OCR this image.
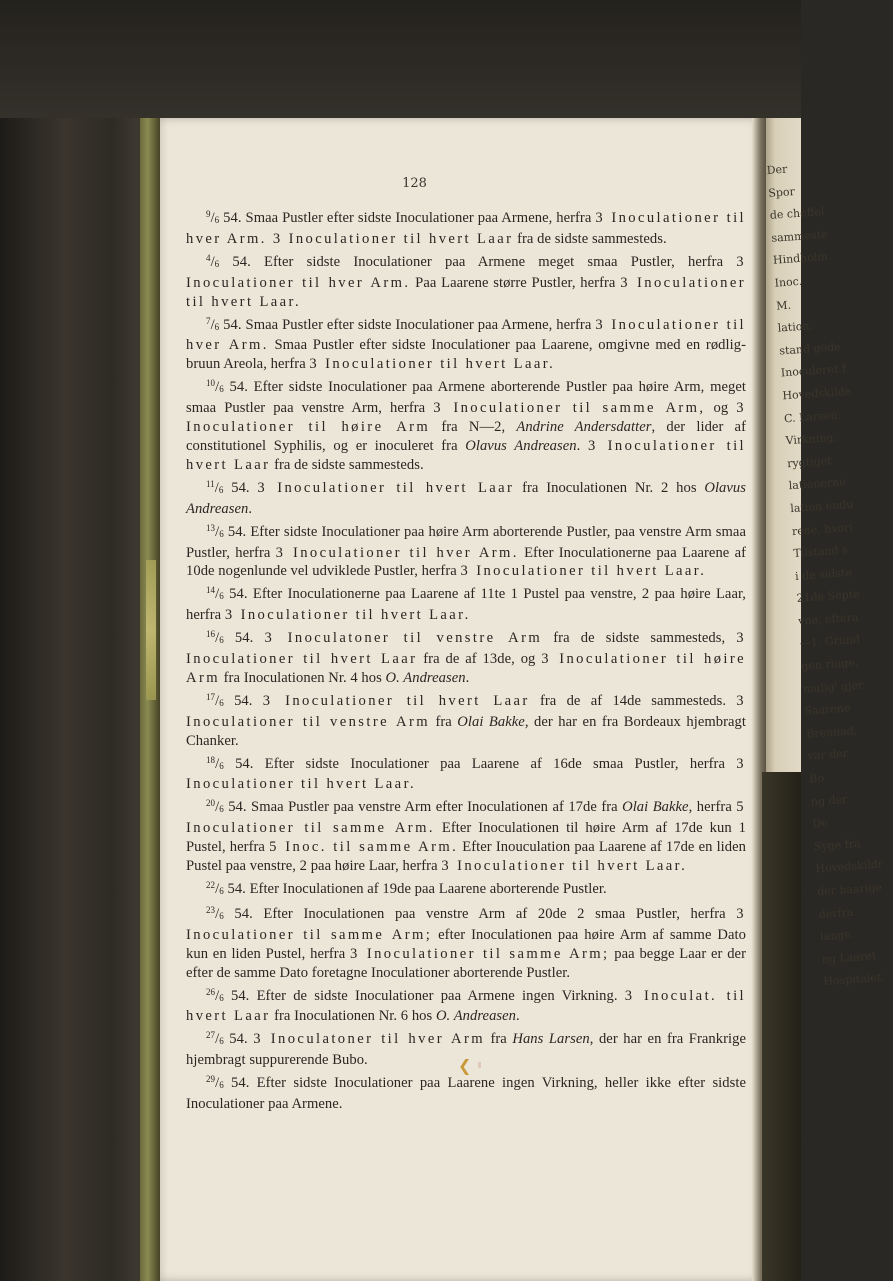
Der
Spor
de cheffel
sammeste
Hindholm
Inoc.
M.
lation,
stand gode
Inoculeret f
Hovedskilde
C. Larsen
Virkning.
rygtiget
lationerne
lation endu
rene, hvori
Tilstand s
i de sidste
21de Septe
vne, eftera
—1. Grund
gen ringe,
mulig' gjer
Saarene
Brennad,
var der
Bo
ng der
De
Syge fra
Hovedskildr
der haarige
derfra
lange.
ng Laaret
Hospitalet.
128

$^9/_6$ 54. Smaa Pustler efter sidste Inoculationer paa Armene, herfra 3 Inoculationer til hver Arm. 3 Inoculationer til hvert Laar fra de sidste sammesteds.

$^4/_6$ 54. Efter sidste Inoculationer paa Armene meget smaa Pustler, herfra 3 Inoculationer til hver Arm. Paa Laarene større Pustler, herfra 3 Inoculationer til hvert Laar.

$^7/_6$ 54. Smaa Pustler efter sidste Inoculationer paa Armene, herfra 3 Inoculationer til hver Arm. Smaa Pustler efter sidste Inoculationer paa Laarene, omgivne med en rødlig-bruun Areola, herfra 3 Inoculationer til hvert Laar.

$^{10}/_6$ 54. Efter sidste Inoculationer paa Armene aborterende Pustler paa høire Arm, meget smaa Pustler paa venstre Arm, herfra 3 Inoculationer til samme Arm, og 3 Inoculationer til høire Arm fra N—2, Andrine Andersdatter, der lider af constitutionel Syphilis, og er inoculeret fra Olavus Andreasen. 3 Inoculationer til hvert Laar fra de sidste sammesteds.

$^{11}/_6$ 54. 3 Inoculationer til hvert Laar fra Inoculationen Nr. 2 hos Olavus Andreasen.

$^{13}/_6$ 54. Efter sidste Inoculationer paa høire Arm aborterende Pustler, paa venstre Arm smaa Pustler, herfra 3 Inoculationer til hver Arm. Efter Inoculationerne paa Laarene af 10de nogenlunde vel udviklede Pustler, herfra 3 Inoculationer til hvert Laar.

$^{14}/_6$ 54. Efter Inoculationerne paa Laarene af 11te 1 Pustel paa venstre, 2 paa høire Laar, herfra 3 Inoculationer til hvert Laar.

$^{16}/_6$ 54. 3 Inoculatoner til venstre Arm fra de sidste sammesteds, 3 Inoculationer til hvert Laar fra de af 13de, og 3 Inoculationer til høire Arm fra Inoculationen Nr. 4 hos O. Andreasen.

$^{17}/_6$ 54. 3 Inoculationer til hvert Laar fra de af 14de sammesteds. 3 Inoculationer til venstre Arm fra Olai Bakke, der har en fra Bordeaux hjembragt Chanker.

$^{18}/_6$ 54. Efter sidste Inoculationer paa Laarene af 16de smaa Pustler, herfra 3 Inoculationer til hvert Laar.

$^{20}/_6$ 54. Smaa Pustler paa venstre Arm efter Inoculationen af 17de fra Olai Bakke, herfra 5 Inoculationer til samme Arm. Efter Inoculationen til høire Arm af 17de kun 1 Pustel, herfra 5 Inoc. til samme Arm. Efter Inouculation paa Laarene af 17de en liden Pustel paa venstre, 2 paa høire Laar, herfra 3 Inoculationer til hvert Laar.

$^{22}/_6$ 54. Efter Inoculationen af 19de paa Laarene aborterende Pustler.

$^{23}/_6$ 54. Efter Inoculationen paa venstre Arm af 20de 2 smaa Pustler, herfra 3 Inoculationer til samme Arm; efter Inoculationen paa høire Arm af samme Dato kun en liden Pustel, herfra 3 Inoculationer til samme Arm; paa begge Laar er der efter de samme Dato foretagne Inoculationer aborterende Pustler.

$^{26}/_6$ 54. Efter de sidste Inoculationer paa Armene ingen Virkning. 3 Inoculat. til hvert Laar fra Inoculationen Nr. 6 hos O. Andreasen.

$^{27}/_6$ 54. 3 Inoculatoner til hver Arm fra Hans Larsen, der har en fra Frankrige hjembragt suppurerende Bubo.

$^{29}/_6$ 54. Efter sidste Inoculationer paa Laarene ingen Virkning, heller ikke efter sidste Inoculationer paa Armene.

❮
